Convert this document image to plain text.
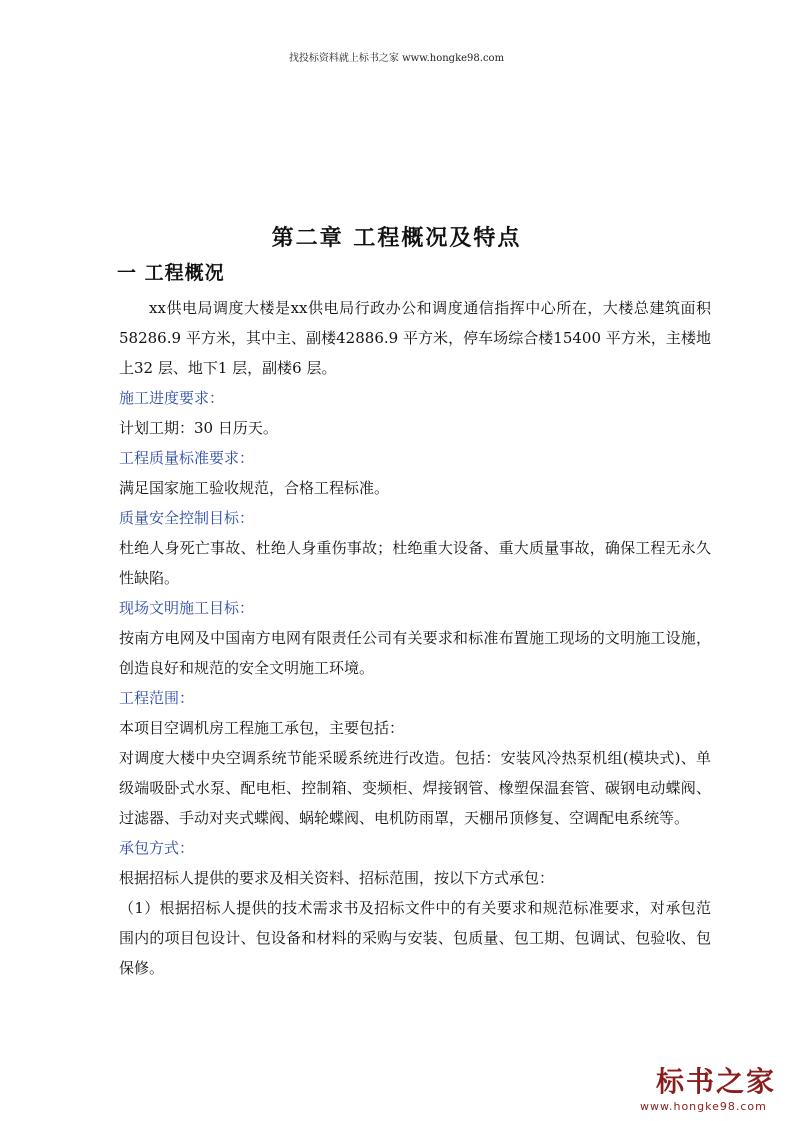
找投标资料就上标书之家 www.hongke98.com
第二章 工程概况及特点
一 工程概况

xx供电局调度大楼是xx供电局行政办公和调度通信指挥中心所在，大楼总建筑面积58286.9 平方米，其中主、副楼42886.9 平方米，停车场综合楼15400 平方米，主楼地上32 层、地下1 层，副楼6 层。

施工进度要求：

计划工期：30 日历天。

工程质量标准要求：

满足国家施工验收规范，合格工程标准。

质量安全控制目标：

杜绝人身死亡事故、杜绝人身重伤事故；杜绝重大设备、重大质量事故，确保工程无永久性缺陷。

现场文明施工目标：

按南方电网及中国南方电网有限责任公司有关要求和标准布置施工现场的文明施工设施，创造良好和规范的安全文明施工环境。

工程范围：

本项目空调机房工程施工承包，主要包括：

对调度大楼中央空调系统节能采暖系统进行改造。包括：安装风冷热泵机组(模块式)、单级端吸卧式水泵、配电柜、控制箱、变频柜、焊接钢管、橡塑保温套管、碳钢电动蝶阀、过滤器、手动对夹式蝶阀、蜗轮蝶阀、电机防雨罩，天棚吊顶修复、空调配电系统等。

承包方式：

根据招标人提供的要求及相关资料、招标范围，按以下方式承包：

（1）根据招标人提供的技术需求书及招标文件中的有关要求和规范标准要求，对承包范围内的项目包设计、包设备和材料的采购与安装、包质量、包工期、包调试、包验收、包保修。

标书之家
www.hongke98.com
